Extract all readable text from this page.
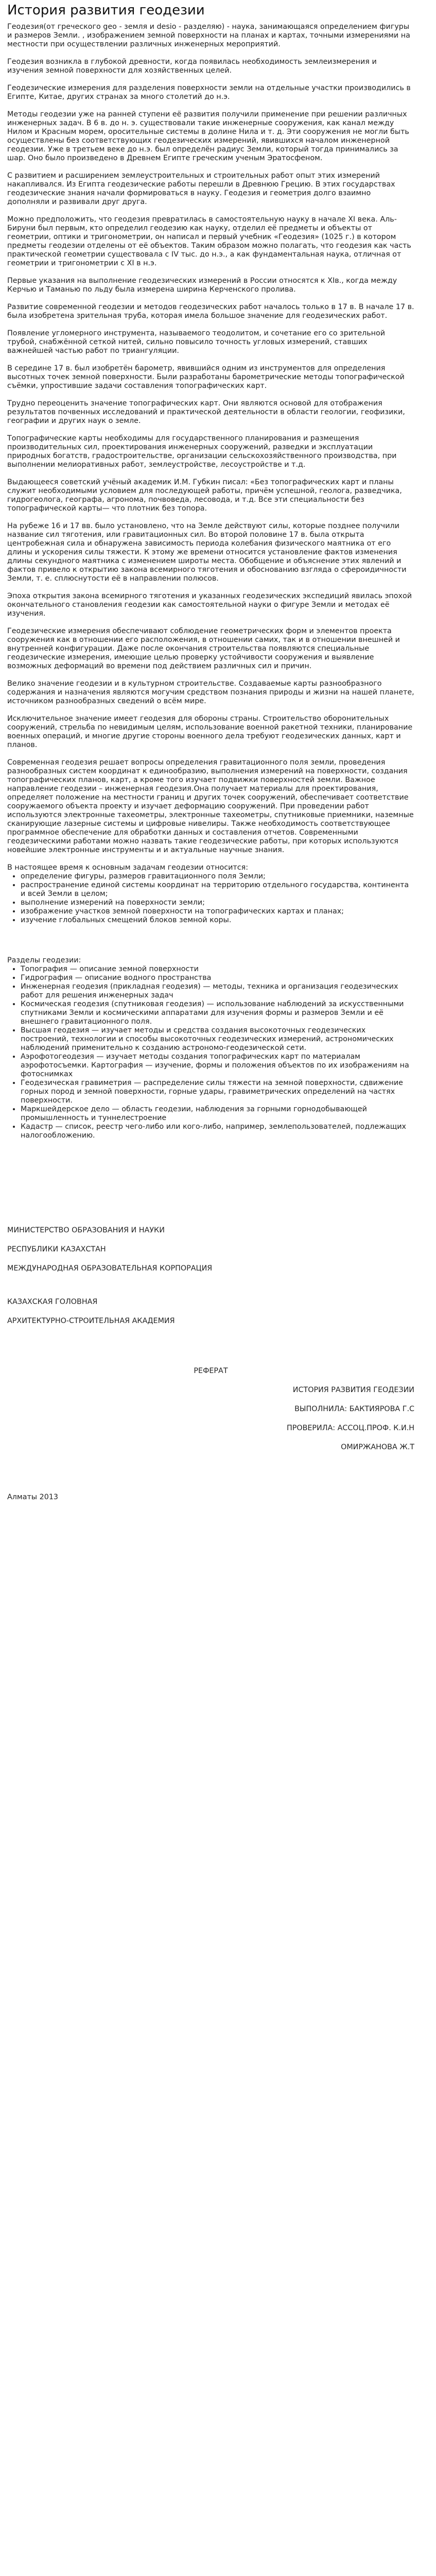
История развития геодезии

Геодезия(от греческого geo - земля и desio - разделяю) - наука, занимающаяся определением фигуры и размеров Земли. , изображением земной поверхности на планах и картах, точными измерениями на местности при осуществлении различных инженерных мероприятий.

Геодезия возникла в глубокой древности, когда появилась необходимость землеизмерения и изучения земной поверхности для хозяйственных целей.

Геодезические измерения для разделения поверхности земли на отдельные участки производились в Египте, Китае, других странах за много столетий до н.э.

Методы геодезии уже на ранней ступени её развития получили применение при решении различных инженерных задач. В 6 в. до н. э. существовали такие инженерные сооружения, как канал между Нилом и Красным морем, оросительные системы в долине Нила и т. д. Эти сооружения не могли быть осуществлены без соответствующих геодезических измерений, явившихся началом инженерной геодезии. Уже в третьем веке до н.э. был определён радиус Земли, который тогда принимались за шар. Оно было произведено в Древнем Египте греческим ученым Эратосфеном.

С развитием и расширением землеустроительных и строительных работ опыт этих измерений накапливался. Из Египта геодезические работы перешли в Древнюю Грецию. В этих государствах геодезические знания начали формироваться в науку. Геодезия и геометрия долго взаимно дополняли и развивали друг друга.

Можно предположить, что геодезия превратилась в самостоятельную науку в начале XI века. Аль-Бируни был первым, кто определил геодезию как науку, отделил её предметы и объекты от геометрии, оптики и тригонометрии, он написал и первый учебник «Геодезия» (1025 г.) в котором предметы геодезии отделены от её объектов. Таким образом можно полагать, что геодезия как часть практической геометрии существовала с IV тыс. до н.э., а как фундаментальная наука, отличная от геометрии и тригонометрии с XI в н.э.

Первые указания на выполнение геодезических измерений в России относятся к XIв., когда между Керчью и Таманью по льду была измерена ширина Керченского пролива.

Развитие современной геодезии и методов геодезических работ началось только в 17 в. В начале 17 в. была изобретена зрительная труба, которая имела большое значение для геодезических работ.

Появление угломерного инструмента, называемого теодолитом, и сочетание его со зрительной трубой, снабжённой сеткой нитей, сильно повысило точность угловых измерений, ставших важнейшей частью работ по триангуляции.

В середине 17 в. был изобретён барометр, явившийся одним из инструментов для определения высотных точек земной поверхности. Были разработаны барометрические методы топографической съёмки, упростившие задачи составления топографических карт.

Трудно переоценить значение топографических карт. Они являются основой для отображения результатов почвенных исследований и практической деятельности в области геологии, геофизики, географии и других наук о земле.

Топографические карты необходимы для государственного планирования и размещения производительных сил, проектирования инженерных сооружений, разведки и эксплуатации природных богатств, градостроительстве, организации сельскохозяйственного производства, при выполнении мелиоративных работ, землеустройстве, лесоустройстве и т.д.

Выдающееся советский учёный академик И.М. Губкин писал: «Без топографических карт и планы служит необходимыми условием для последующей работы, причём успешной, геолога, разведчика, гидрогеолога, географа, агронома, почвоведа, лесовода, и т.д. Все эти специальности без топографической карты— что плотник без топора.

На рубеже 16 и 17 вв. было установлено, что на Земле действуют силы, которые позднее получили название сил тяготения, или гравитационных сил. Во второй половине 17 в. была открыта центробежная сила и обнаружена зависимость периода колебания физического маятника от его длины и ускорения силы тяжести. К этому же времени относится установление фактов изменения длины секундного маятника с изменением широты места. Обобщение и объяснение этих явлений и фактов привело к открытию закона всемирного тяготения и обоснованию взгляда о сфероидичности Земли, т. е. сплюснутости её в направлении полюсов.

Эпоха открытия закона всемирного тяготения и указанных геодезических экспедиций явилась эпохой окончательного становления геодезии как самостоятельной науки о фигуре Земли и методах её изучения.

Геодезические измерения обеспечивают соблюдение геометрических форм и элементов проекта сооружения как в отношении его расположения, в отношении самих, так и в отношении внешней и внутренней конфигурации. Даже после окончания строительства появляются специальные геодезические измерения, имеющие целью проверку устойчивости сооружения и выявление возможных деформаций во времени под действием различных сил и причин.

Велико значение геодезии и в культурном строительстве. Создаваемые карты разнообразного содержания и назначения являются могучим средством познания природы и жизни на нашей планете, источником разнообразных сведений о всём мире.

Исключительное значение имеет геодезия для обороны страны. Строительство оборонительных сооружений, стрельба по невидимым целям, использование военной ракетной техники, планирование военных операций, и многие другие стороны военного дела требуют геодезических данных, карт и планов.

Современная геодезия решает вопросы определения гравитационного поля земли, проведения разнообразных систем координат к единообразию, выполнения измерений на поверхности, создания топографических планов, карт, а кроме того изучает подвижки поверхностей земли. Важное направление геодезии – инженерная геодезия.Она получает материалы для проектирования, определяет положение на местности границ и других точек сооружений, обеспечивает соответствие сооружаемого объекта проекту и изучает деформацию сооружений. При проведении работ используются электронные тахеометры, электронные тахеометры, спутниковые приемники, наземные сканирующие лазерные системы и цифровые нивелиры. Также необходимость соответствующее программное обеспечение для обработки данных и составления отчетов. Современными геодезическими работами можно назвать такие геодезические работы, при которых используются новейшие электронные инструменты и и актуальные научные знания.

В настоящее время к основным задачам геодезии относится:

• определение фигуры, размеров гравитационного поля Земли;
• распространение единой системы координат на территорию отдельного государства, континента и всей Земли в целом;
• выполнение измерений на поверхности земли;
• изображение участков земной поверхности на топографических картах и планах;
• изучение глобальных смещений блоков земной коры.

Разделы геодезии:

• Топография — описание земной поверхности
• Гидрография — описание водного пространства
• Инженерная геодезия (прикладная геодезия) — методы, техника и организация геодезических работ для решения инженерных задач
• Космическая геодезия (спутниковая геодезия) — использование наблюдений за искусственными спутниками Земли и космическими аппаратами для изучения формы и размеров Земли и её внешнего гравитационного поля.
• Высшая геодезия — изучает методы и средства создания высокоточных геодезических построений, технологии и способы высокоточных геодезических измерений, астрономических наблюдений применительно к созданию астрономо-геодезической сети.
• Аэрофотогеодезия — изучает методы создания топографических карт по материалам аэрофотосъемки. Картография — изучение, формы и положения объектов по их изображениям на фотоснимках
• Геодезическая гравиметрия — распределение силы тяжести на земной поверхности, сдвижение горных пород и земной поверхности, горные удары, гравиметрических определений на частях поверхности.
• Маркшейдерское дело — область геодезии, наблюдения за горными горнодобывающей промышленность и туннелестроение
• Кадастр — список, реестр чего-либо или кого-либо, например, землепользователей, подлежащих налогообложению.

МИНИСТЕРСТВО ОБРАЗОВАНИЯ И НАУКИ

РЕСПУБЛИКИ КАЗАХСТАН

МЕЖДУНАРОДНАЯ ОБРАЗОВАТЕЛЬНАЯ КОРПОРАЦИЯ

КАЗАХСКАЯ ГОЛОВНАЯ

АРХИТЕКТУРНО-СТРОИТЕЛЬНАЯ АКАДЕМИЯ

РЕФЕРАТ

ИСТОРИЯ РАЗВИТИЯ ГЕОДЕЗИИ

ВЫПОЛНИЛА: БАКТИЯРОВА Г.С

ПРОВЕРИЛА: АССОЦ.ПРОФ. К.И.Н

ОМИРЖАНОВА Ж.Т

Алматы 2013
